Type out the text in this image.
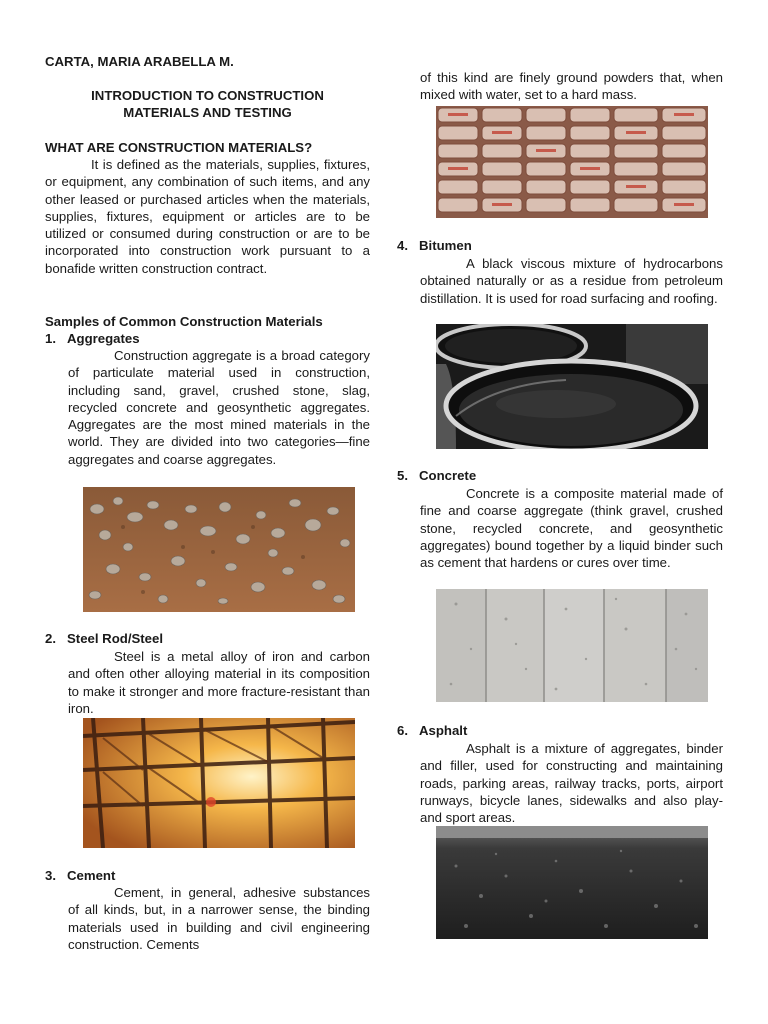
CARTA, MARIA ARABELLA M.
INTRODUCTION TO CONSTRUCTION
MATERIALS AND TESTING
WHAT ARE CONSTRUCTION MATERIALS?
It is defined as the materials, supplies, fixtures, or equipment, any combination of such items, and any other leased or purchased articles when the materials, supplies, fixtures, equipment or articles are to be utilized or consumed during construction or are to be incorporated into construction work pursuant to a bonafide written construction contract.
Samples of Common Construction Materials
1. Aggregates
Construction aggregate is a broad category of particulate material used in construction, including sand, gravel, crushed stone, slag, recycled concrete and geosynthetic aggregates. Aggregates are the most mined materials in the world. They are divided into two categories—fine aggregates and coarse aggregates.
2. Steel Rod/Steel
Steel is a metal alloy of iron and carbon and often other alloying material in its composition to make it stronger and more fracture-resistant than iron.
3. Cement
Cement, in general, adhesive substances of all kinds, but, in a narrower sense, the binding materials used in building and civil engineering construction. Cements
of this kind are finely ground powders that, when mixed with water, set to a hard mass.
4. Bitumen
A black viscous mixture of hydrocarbons obtained naturally or as a residue from petroleum distillation. It is used for road surfacing and roofing.
5. Concrete
Concrete is a composite material made of fine and coarse aggregate (think gravel, crushed stone, recycled concrete, and geosynthetic aggregates) bound together by a liquid binder such as cement that hardens or cures over time.
6. Asphalt
Asphalt is a mixture of aggregates, binder and filler, used for constructing and maintaining roads, parking areas, railway tracks, ports, airport runways, bicycle lanes, sidewalks and also play- and sport areas.
